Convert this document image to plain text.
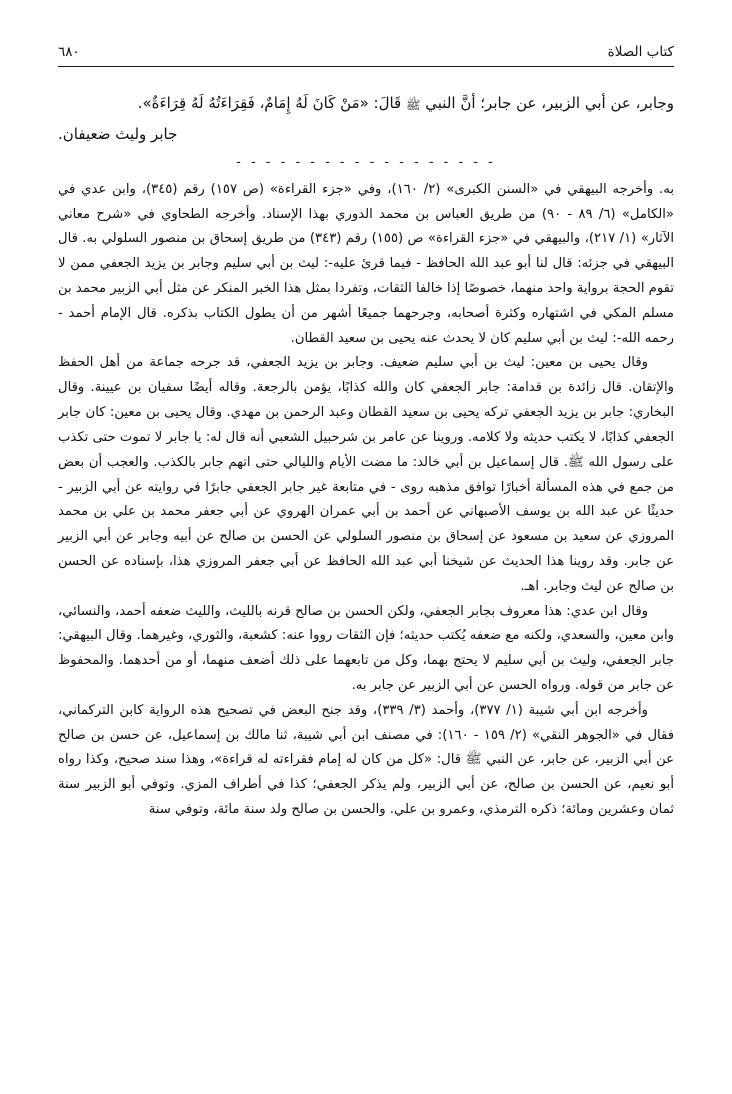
كتاب الصلاة
٦٨٠
وجابر، عن أبي الزبير، عن جابر؛ أنَّ النبي ﷺ قَالَ: «مَنْ كَانَ لَهُ إِمَامٌ، فَقِرَاءَتُهُ لَهُ قِرَاءَةٌ».
جابر وليث ضعيفان.
- - - - - - - - - - - - - - - - - -

به. وأخرجه البيهقي في «السنن الكبرى» (٢/ ١٦٠)، وفي «جزء القراءة» (ص ١٥٧) رقم (٣٤٥)، وابن عدي في «الكامل» (٦/ ٨٩ - ٩٠) من طريق العباس بن محمد الدوري بهذا الإسناد. وأخرجه الطحاوي في «شرح معاني الآثار» (١/ ٢١٧)، والبيهقي في «جزء القراءة» ص (١٥٥) رقم (٣٤٣) من طريق إسحاق بن منصور السلولي به. قال البيهقي في جزئه: قال لنا أبو عبد الله الحافظ - فيما قرئ عليه-: ليث بن أبي سليم وجابر بن يزيد الجعفي ممن لا تقوم الحجة برواية واحد منهما، خصوصًا إذا خالفا الثقات، وتفردا بمثل هذا الخبر المنكر عن مثل أبي الزبير محمد بن مسلم المكي في اشتهاره وكثرة أصحابه، وجرحهما جميعًا أشهر من أن يطول الكتاب بذكره. قال الإمام أحمد - رحمه الله-: ليث بن أبي سليم كان لا يحدث عنه يحيى بن سعيد القطان.

وقال يحيى بن معين: ليث بن أبي سليم ضعيف. وجابر بن يزيد الجعفي، قد جرحه جماعة من أهل الحفظ والإتقان. قال زائدة بن قدامة: جابر الجعفي كان والله كذابًا، يؤمن بالرجعة. وقاله أيضًا سفيان بن عيينة. وقال البخاري: جابر بن يزيد الجعفي تركه يحيى بن سعيد القطان وعبد الرحمن بن مهدي. وقال يحيى بن معين: كان جابر الجعفي كذابًا، لا يكتب حديثه ولا كلامه. وروينا عن عامر بن شرحبيل الشعبي أنه قال له: يا جابر لا تموت حتى تكذب على رسول الله ﷺ. قال إسماعيل بن أبي خالد: ما مضت الأيام والليالي حتى اتهم جابر بالكذب. والعجب أن بعض من جمع في هذه المسألة أخبارًا توافق مذهبه روى - في متابعة غير جابر الجعفي جابرًا في روايته عن أبي الزبير - حديثًا عن عبد الله بن يوسف الأصبهاني عن أحمد بن أبي عمران الهروي عن أبي جعفر محمد بن علي بن محمد المروزي عن سعيد بن مسعود عن إسحاق بن منصور السلولي عن الحسن بن صالح عن أبيه وجابر عن أبي الزبير عن جابر. وقد روينا هذا الحديث عن شيخنا أبي عبد الله الحافظ عن أبي جعفر المروزي هذا، بإسناده عن الحسن بن صالح عن ليث وجابر. اهـ.

وقال ابن عدي: هذا معروف بجابر الجعفي، ولكن الحسن بن صالح قرنه بالليث، والليث ضعفه أحمد، والنسائي، وابن معين، والسعدي، ولكنه مع ضعفه يُكتب حديثه؛ فإن الثقات رووا عنه: كشعبة، والثوري، وغيرهما. وقال البيهقي: جابر الجعفي، وليث بن أبي سليم لا يحتج بهما، وكل من تابعهما على ذلك أضعف منهما، أو من أحدهما. والمحفوظ عن جابر من قوله. ورواه الحسن عن أبي الزبير عن جابر به.

وأخرجه ابن أبي شيبة (١/ ٣٧٧)، وأحمد (٣/ ٣٣٩)، وقد جنح البعض في تصحيح هذه الرواية كابن التركماني، فقال في «الجوهر النقي» (٢/ ١٥٩ - ١٦٠): في مصنف ابن أبي شيبة، ثنا مالك بن إسماعيل، عن حسن بن صالح عن أبي الزبير، عن جابر، عن النبي ﷺ قال: «كل من كان له إمام فقراءته له قراءة»، وهذا سند صحيح، وكذا رواه أبو نعيم، عن الحسن بن صالح، عن أبي الزبير، ولم يذكر الجعفي؛ كذا في أطراف المزي. وتوفي أبو الزبير سنة ثمان وعشرين ومائة؛ ذكره الترمذي، وعمرو بن علي. والحسن بن صالح ولد سنة مائة، وتوفي سنة
